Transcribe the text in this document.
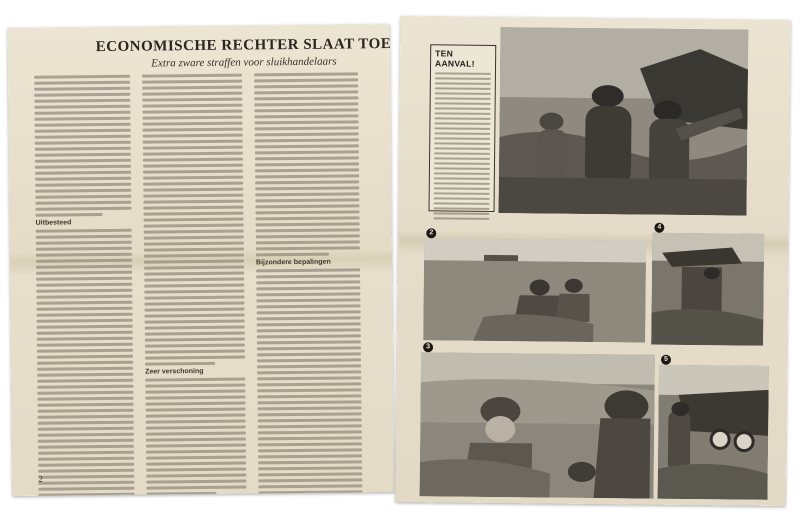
ECONOMISCHE RECHTER SLAAT TOE
Extra zware straffen voor sluikhandelaars
Uitbesteed
Zeer verschoning
Bijzondere bepalingen
2
TEN AANVAL!
2
4
3
5
